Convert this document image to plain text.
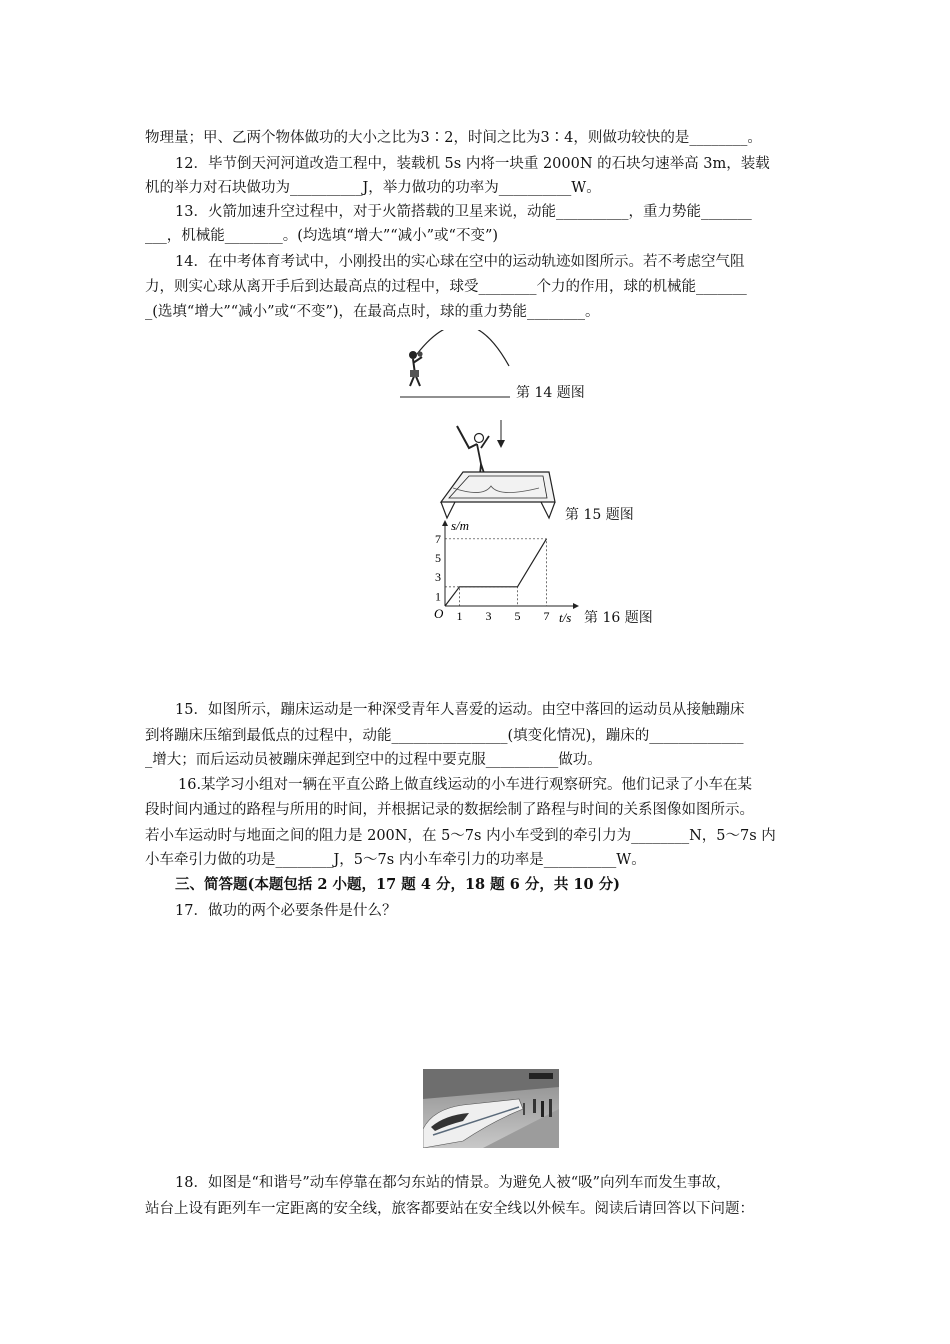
物理量；甲、乙两个物体做功的大小之比为3∶2，时间之比为3∶4，则做功较快的是________。
12．毕节倒天河河道改造工程中，装载机 5s 内将一块重 2000N 的石块匀速举高 3m，装载
机的举力对石块做功为__________J，举力做功的功率为__________W。
13．火箭加速升空过程中，对于火箭搭载的卫星来说，动能__________，重力势能_______
___，机械能________。(均选填“增大”“减小”或“不变”)
14．在中考体育考试中，小刚投出的实心球在空中的运动轨迹如图所示。若不考虑空气阻
力，则实心球从离开手后到达最高点的过程中，球受________个力的作用，球的机械能_______
_(选填“增大”“减小”或“不变”)，在最高点时，球的重力势能________。
第 14 题图
第 15 题图
s/m
t/s
O 1 3 5 7
1
3
5
7
第 16 题图
15．如图所示，蹦床运动是一种深受青年人喜爱的运动。由空中落回的运动员从接触蹦床
到将蹦床压缩到最低点的过程中，动能________________(填变化情况)，蹦床的_____________
_增大；而后运动员被蹦床弹起到空中的过程中要克服__________做功。
16.某学习小组对一辆在平直公路上做直线运动的小车进行观察研究。他们记录了小车在某
段时间内通过的路程与所用的时间，并根据记录的数据绘制了路程与时间的关系图像如图所示。
若小车运动时与地面之间的阻力是 200N，在 5～7s 内小车受到的牵引力为________N，5～7s 内
小车牵引力做的功是________J，5～7s 内小车牵引力的功率是__________W。
三、简答题(本题包括 2 小题，17 题 4 分，18 题 6 分，共 10 分)
17．做功的两个必要条件是什么？
18．如图是“和谐号”动车停靠在都匀东站的情景。为避免人被“吸”向列车而发生事故，
站台上设有距列车一定距离的安全线，旅客都要站在安全线以外候车。阅读后请回答以下问题：
